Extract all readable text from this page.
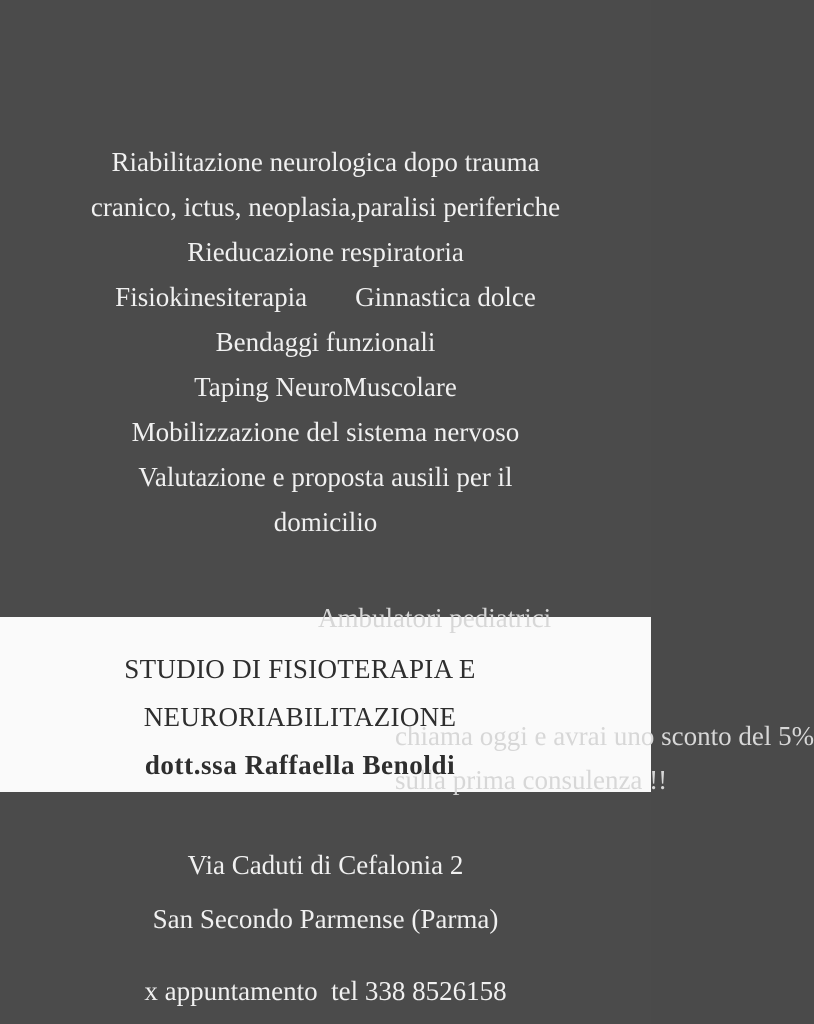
Riabilitazione neurologica dopo trauma
cranico, ictus, neoplasia,paralisi periferiche
Rieducazione respiratoria
Fisiokinesiterapia Ginnastica dolce
Bendaggi funzionali
Taping NeuroMuscolare
Mobilizzazione del sistema nervoso
Valutazione e proposta ausili per il
domicilio
Ambulatori pediatrici
chiama oggi e avrai uno sconto del 5%
sulla prima consulenza !!
STUDIO DI FISIOTERAPIA E
NEURORIABILITAZIONE
dott.ssa Raffaella Benoldi
Via Caduti di Cefalonia 2
San Secondo Parmense (Parma)
x appuntamento  tel 338 8526158
